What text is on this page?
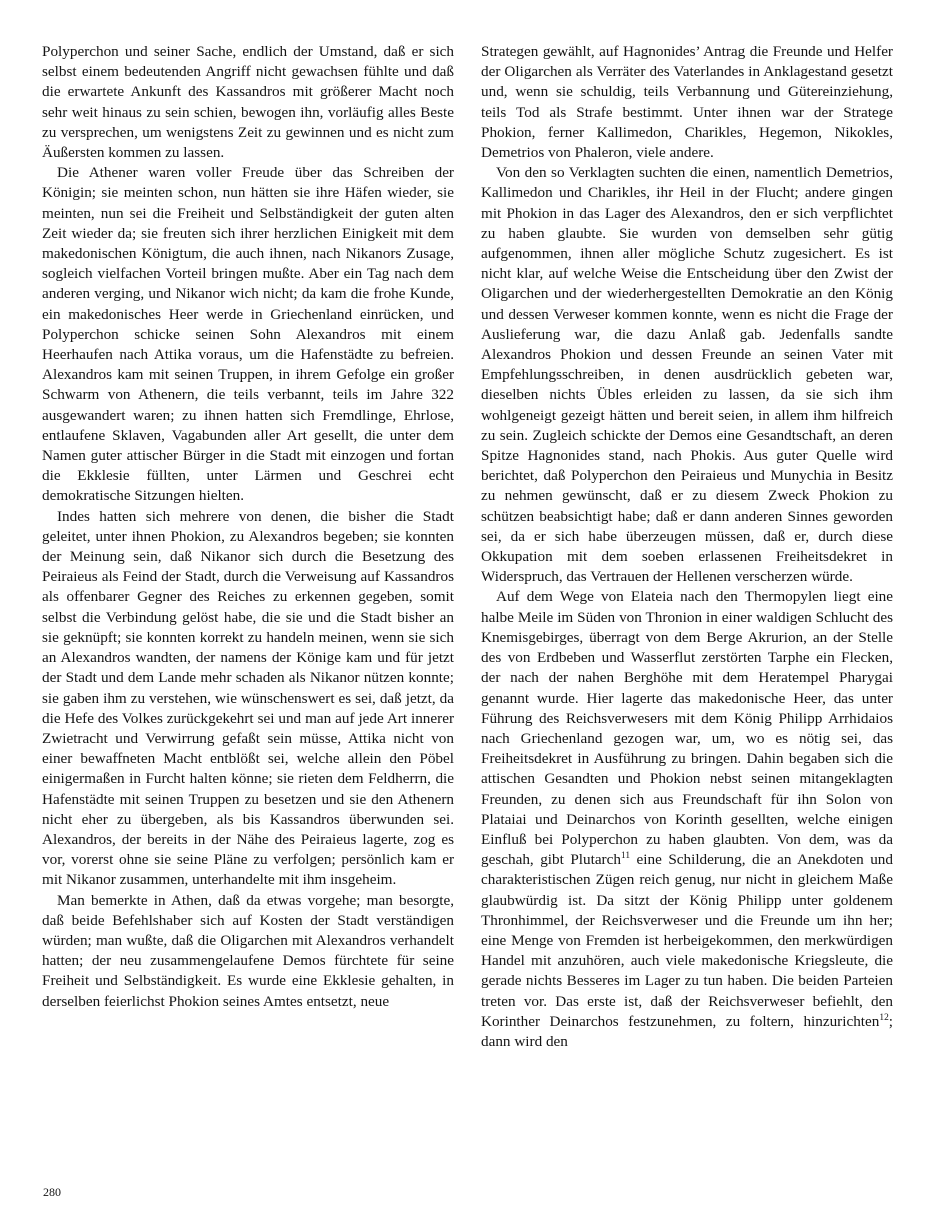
Polyperchon und seiner Sache, endlich der Umstand, daß er sich selbst einem bedeutenden Angriff nicht gewachsen fühlte und daß die erwartete Ankunft des Kassandros mit größerer Macht noch sehr weit hinaus zu sein schien, bewogen ihn, vorläufig alles Beste zu versprechen, um wenigstens Zeit zu gewinnen und es nicht zum Äußersten kommen zu lassen.

Die Athener waren voller Freude über das Schreiben der Königin; sie meinten schon, nun hätten sie ihre Häfen wieder, sie meinten, nun sei die Freiheit und Selbständigkeit der guten alten Zeit wieder da; sie freuten sich ihrer herzlichen Einigkeit mit dem makedonischen Königtum, die auch ihnen, nach Nikanors Zusage, sogleich vielfachen Vorteil bringen mußte. Aber ein Tag nach dem anderen verging, und Nikanor wich nicht; da kam die frohe Kunde, ein makedonisches Heer werde in Griechenland einrücken, und Polyperchon schicke seinen Sohn Alexandros mit einem Heerhaufen nach Attika voraus, um die Hafenstädte zu befreien. Alexandros kam mit seinen Truppen, in ihrem Gefolge ein großer Schwarm von Athenern, die teils verbannt, teils im Jahre 322 ausgewandert waren; zu ihnen hatten sich Fremdlinge, Ehrlose, entlaufene Sklaven, Vagabunden aller Art gesellt, die unter dem Namen guter attischer Bürger in die Stadt mit einzogen und fortan die Ekklesie füllten, unter Lärmen und Geschrei echt demokratische Sitzungen hielten.

Indes hatten sich mehrere von denen, die bisher die Stadt geleitet, unter ihnen Phokion, zu Alexandros begeben; sie konnten der Meinung sein, daß Nikanor sich durch die Besetzung des Peiraieus als Feind der Stadt, durch die Verweisung auf Kassandros als offenbarer Gegner des Reiches zu erkennen gegeben, somit selbst die Verbindung gelöst habe, die sie und die Stadt bisher an sie geknüpft; sie konnten korrekt zu handeln meinen, wenn sie sich an Alexandros wandten, der namens der Könige kam und für jetzt der Stadt und dem Lande mehr schaden als Nikanor nützen konnte; sie gaben ihm zu verstehen, wie wünschenswert es sei, daß jetzt, da die Hefe des Volkes zurückgekehrt sei und man auf jede Art innerer Zwietracht und Verwirrung gefaßt sein müsse, Attika nicht von einer bewaffneten Macht entblößt sei, welche allein den Pöbel einigermaßen in Furcht halten könne; sie rieten dem Feldherrn, die Hafenstädte mit seinen Truppen zu besetzen und sie den Athenern nicht eher zu übergeben, als bis Kassandros überwunden sei. Alexandros, der bereits in der Nähe des Peiraieus lagerte, zog es vor, vorerst ohne sie seine Pläne zu verfolgen; persönlich kam er mit Nikanor zusammen, unterhandelte mit ihm insgeheim.

Man bemerkte in Athen, daß da etwas vorgehe; man besorgte, daß beide Befehlshaber sich auf Kosten der Stadt verständigen würden; man wußte, daß die Oligarchen mit Alexandros verhandelt hatten; der neu zusammengelaufene Demos fürchtete für seine Freiheit und Selbständigkeit. Es wurde eine Ekklesie gehalten, in derselben feierlichst Phokion seines Amtes entsetzt, neue

Strategen gewählt, auf Hagnonides’ Antrag die Freunde und Helfer der Oligarchen als Verräter des Vaterlandes in Anklagestand gesetzt und, wenn sie schuldig, teils Verbannung und Gütereinziehung, teils Tod als Strafe bestimmt. Unter ihnen war der Stratege Phokion, ferner Kallimedon, Charikles, Hegemon, Nikokles, Demetrios von Phaleron, viele andere.

Von den so Verklagten suchten die einen, namentlich Demetrios, Kallimedon und Charikles, ihr Heil in der Flucht; andere gingen mit Phokion in das Lager des Alexandros, den er sich verpflichtet zu haben glaubte. Sie wurden von demselben sehr gütig aufgenommen, ihnen aller mögliche Schutz zugesichert. Es ist nicht klar, auf welche Weise die Entscheidung über den Zwist der Oligarchen und der wiederhergestellten Demokratie an den König und dessen Verweser kommen konnte, wenn es nicht die Frage der Auslieferung war, die dazu Anlaß gab. Jedenfalls sandte Alexandros Phokion und dessen Freunde an seinen Vater mit Empfehlungsschreiben, in denen ausdrücklich gebeten war, dieselben nichts Übles erleiden zu lassen, da sie sich ihm wohlgeneigt gezeigt hätten und bereit seien, in allem ihm hilfreich zu sein. Zugleich schickte der Demos eine Gesandtschaft, an deren Spitze Hagnonides stand, nach Phokis. Aus guter Quelle wird berichtet, daß Polyperchon den Peiraieus und Munychia in Besitz zu nehmen gewünscht, daß er zu diesem Zweck Phokion zu schützen beabsichtigt habe; daß er dann anderen Sinnes geworden sei, da er sich habe überzeugen müssen, daß er, durch diese Okkupation mit dem soeben erlassenen Freiheitsdekret in Widerspruch, das Vertrauen der Hellenen verscherzen würde.

Auf dem Wege von Elateia nach den Thermopylen liegt eine halbe Meile im Süden von Thronion in einer waldigen Schlucht des Knemisgebirges, überragt von dem Berge Akrurion, an der Stelle des von Erdbeben und Wasserflut zerstörten Tarphe ein Flecken, der nach der nahen Berghöhe mit dem Heratempel Pharygai genannt wurde. Hier lagerte das makedonische Heer, das unter Führung des Reichsverwesers mit dem König Philipp Arrhidaios nach Griechenland gezogen war, um, wo es nötig sei, das Freiheitsdekret in Ausführung zu bringen. Dahin begaben sich die attischen Gesandten und Phokion nebst seinen mitangeklagten Freunden, zu denen sich aus Freundschaft für ihn Solon von Plataiai und Deinarchos von Korinth gesellten, welche einigen Einfluß bei Polyperchon zu haben glaubten. Von dem, was da geschah, gibt Plutarch$^{11}$ eine Schilderung, die an Anekdoten und charakteristischen Zügen reich genug, nur nicht in gleichem Maße glaubwürdig ist. Da sitzt der König Philipp unter goldenem Thronhimmel, der Reichsverweser und die Freunde um ihn her; eine Menge von Fremden ist herbeigekommen, den merkwürdigen Handel mit anzuhören, auch viele makedonische Kriegsleute, die gerade nichts Besseres im Lager zu tun haben. Die beiden Parteien treten vor. Das erste ist, daß der Reichsverweser befiehlt, den Korinther Deinarchos festzunehmen, zu foltern, hinzurichten$^{12}$; dann wird den

280
